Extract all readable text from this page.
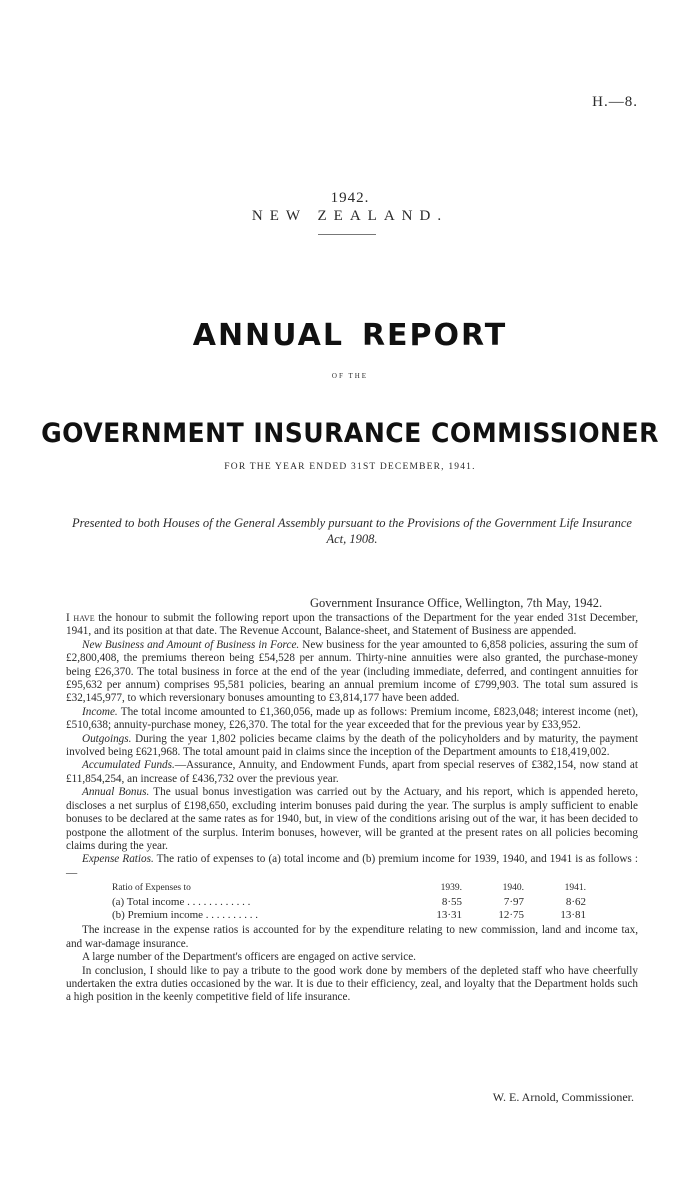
H.—8.
1942.
NEW ZEALAND.
ANNUAL REPORT
OF THE
GOVERNMENT INSURANCE COMMISSIONER
FOR THE YEAR ENDED 31ST DECEMBER, 1941.
Presented to both Houses of the General Assembly pursuant to the Provisions of the Government Life Insurance Act, 1908.
Government Insurance Office, Wellington, 7th May, 1942.

I have the honour to submit the following report upon the transactions of the Department for the year ended 31st December, 1941, and its position at that date. The Revenue Account, Balance-sheet, and Statement of Business are appended.

New Business and Amount of Business in Force. New business for the year amounted to 6,858 policies, assuring the sum of £2,800,408, the premiums thereon being £54,528 per annum. Thirty-nine annuities were also granted, the purchase-money being £26,370. The total business in force at the end of the year (including immediate, deferred, and contingent annuities for £95,632 per annum) comprises 95,581 policies, bearing an annual premium income of £799,903. The total sum assured is £32,145,977, to which reversionary bonuses amounting to £3,814,177 have been added.

Income. The total income amounted to £1,360,056, made up as follows: Premium income, £823,048; interest income (net), £510,638; annuity-purchase money, £26,370. The total for the year exceeded that for the previous year by £33,952.

Outgoings. During the year 1,802 policies became claims by the death of the policyholders and by maturity, the payment involved being £621,968. The total amount paid in claims since the inception of the Department amounts to £18,419,002.

Accumulated Funds.—Assurance, Annuity, and Endowment Funds, apart from special reserves of £382,154, now stand at £11,854,254, an increase of £436,732 over the previous year.

Annual Bonus. The usual bonus investigation was carried out by the Actuary, and his report, which is appended hereto, discloses a net surplus of £198,650, excluding interim bonuses paid during the year. The surplus is amply sufficient to enable bonuses to be declared at the same rates as for 1940, but, in view of the conditions arising out of the war, it has been decided to postpone the allotment of the surplus. Interim bonuses, however, will be granted at the present rates on all policies becoming claims during the year.

Expense Ratios. The ratio of expenses to (a) total income and (b) premium income for 1939, 1940, and 1941 is as follows :—

Ratio of Expenses to	1939.	1940.	1941.
(a) Total income . . . . . . . . . . . .	8·55	7·97	8·62
(b) Premium income . . . . . . . . . .	13·31	12·75	13·81

The increase in the expense ratios is accounted for by the expenditure relating to new commission, land and income tax, and war-damage insurance.

A large number of the Department's officers are engaged on active service.

In conclusion, I should like to pay a tribute to the good work done by members of the depleted staff who have cheerfully undertaken the extra duties occasioned by the war. It is due to their efficiency, zeal, and loyalty that the Department holds such a high position in the keenly competitive field of life insurance.

W. E. Arnold, Commissioner.
